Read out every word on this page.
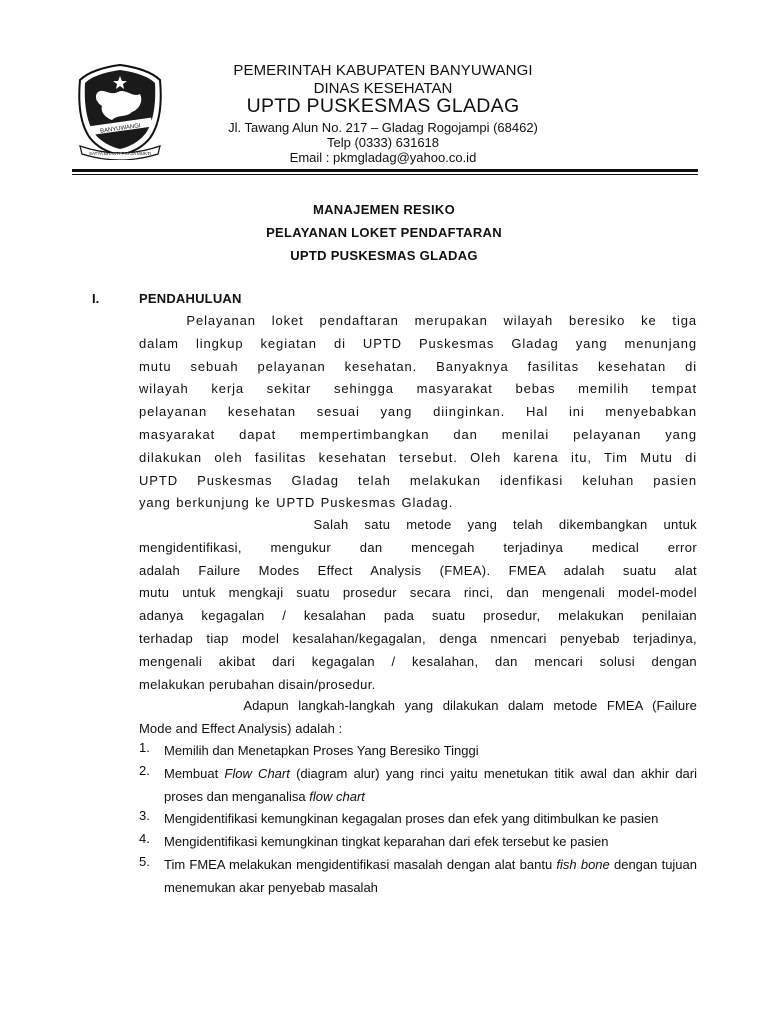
BANYUWANGI
SATYA BHAKTI PRAJA MUKTI
PEMERINTAH KABUPATEN BANYUWANGI
DINAS KESEHATAN
UPTD PUSKESMAS GLADAG
Jl. Tawang Alun No. 217 – Gladag Rogojampi (68462)
Telp (0333) 631618
Email : pkmgladag@yahoo.co.id
MANAJEMEN RESIKO
PELAYANAN LOKET PENDAFTARAN
UPTD PUSKESMAS GLADAG
I.	PENDAHULUAN
Pelayanan loket pendaftaran merupakan wilayah beresiko ke tiga
dalam lingkup kegiatan di UPTD Puskesmas Gladag yang menunjang
mutu sebuah pelayanan kesehatan. Banyaknya fasilitas kesehatan di
wilayah kerja sekitar sehingga masyarakat bebas memilih tempat
pelayanan kesehatan sesuai yang diinginkan. Hal ini menyebabkan
masyarakat dapat mempertimbangkan dan menilai pelayanan yang
dilakukan oleh fasilitas kesehatan tersebut. Oleh karena itu, Tim Mutu di
UPTD Puskesmas Gladag telah melakukan idenfikasi keluhan pasien
yang berkunjung ke UPTD Puskesmas Gladag.
Salah satu metode yang telah dikembangkan untuk
mengidentifikasi, mengukur dan mencegah terjadinya medical error
adalah Failure Modes Effect Analysis (FMEA). FMEA adalah suatu alat
mutu untuk mengkaji suatu prosedur secara rinci, dan mengenali model-model
adanya kegagalan / kesalahan pada suatu prosedur, melakukan penilaian
terhadap tiap model kesalahan/kegagalan, denga nmencari penyebab terjadinya,
mengenali akibat dari kegagalan / kesalahan, dan mencari solusi dengan
melakukan perubahan disain/prosedur.
Adapun langkah-langkah yang dilakukan dalam metode FMEA (Failure
Mode and Effect Analysis) adalah :
1. Memilih dan Menetapkan Proses Yang Beresiko Tinggi
2. Membuat Flow Chart (diagram alur) yang rinci yaitu menetukan titik awal dan akhir dari proses dan menganalisa flow chart
3. Mengidentifikasi kemungkinan kegagalan proses dan efek yang ditimbulkan ke pasien
4. Mengidentifikasi kemungkinan tingkat keparahan dari efek tersebut ke pasien
5. Tim FMEA melakukan mengidentifikasi masalah dengan alat bantu fish bone dengan tujuan menemukan akar penyebab masalah
